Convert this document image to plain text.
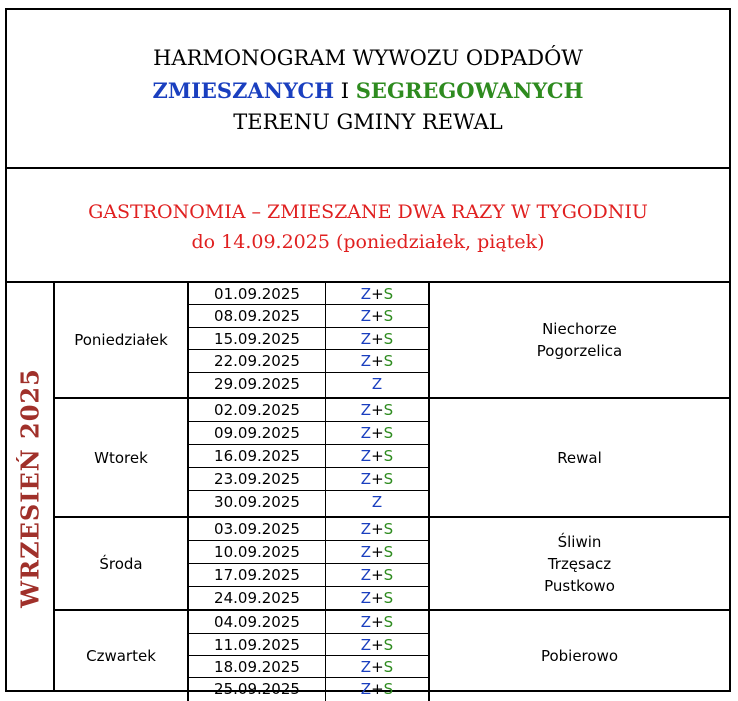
HARMONOGRAM WYWOZU ODPADÓW
ZMIESZANYCH I SEGREGOWANYCH
TERENU GMINY REWAL
GASTRONOMIA – ZMIESZANE DWA RAZY W TYGODNIU
do 14.09.2025 (poniedziałek, piątek)
WRZESIEŃ 2025
Poniedziałek
01.09.2025	Z+S
08.09.2025	Z+S
15.09.2025	Z+S
22.09.2025	Z+S
29.09.2025	Z
Niechorze
Pogorzelica
Wtorek
02.09.2025	Z+S
09.09.2025	Z+S
16.09.2025	Z+S
23.09.2025	Z+S
30.09.2025	Z
Rewal
Środa
03.09.2025	Z+S
10.09.2025	Z+S
17.09.2025	Z+S
24.09.2025	Z+S
Śliwin
Trzęsacz
Pustkowo
Czwartek
04.09.2025	Z+S
11.09.2025	Z+S
18.09.2025	Z+S
25.09.2025	Z+S
Pobierowo
